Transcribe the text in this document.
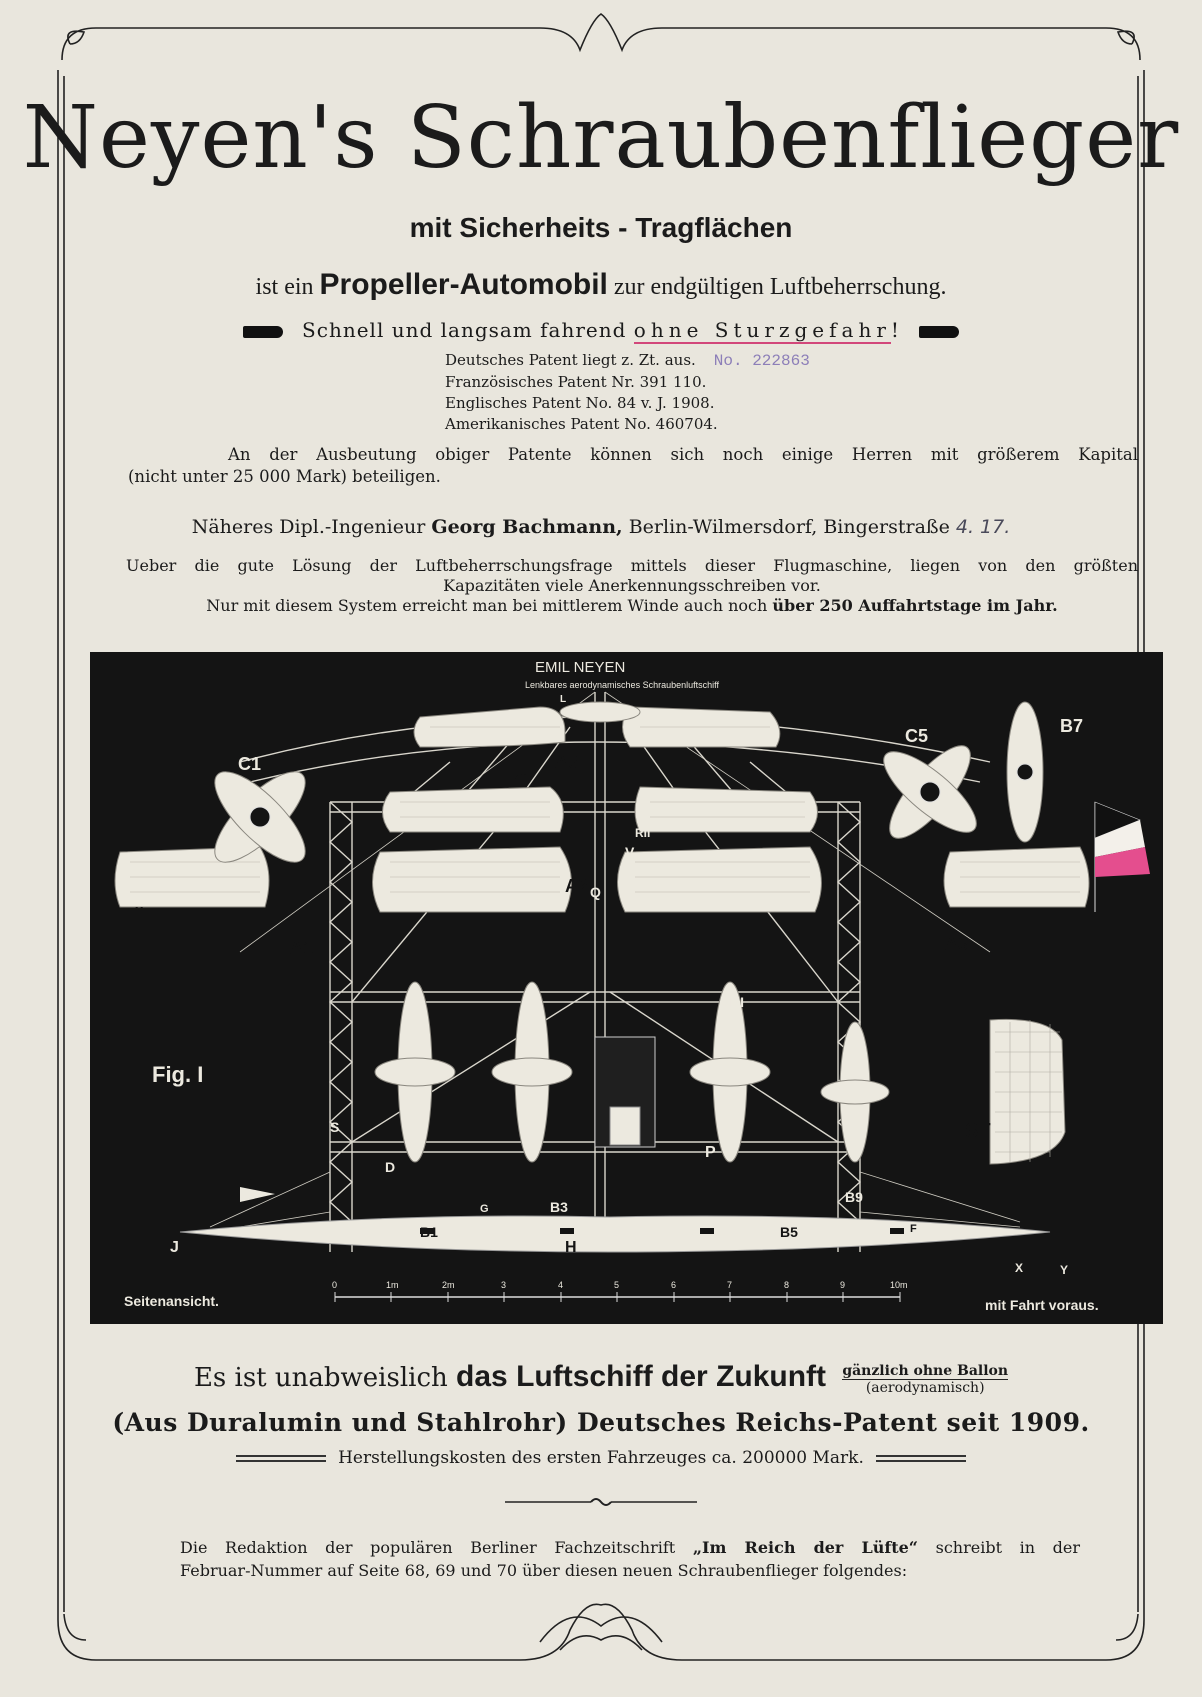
Neyen's Schraubenflieger
mit Sicherheits - Tragflächen
ist ein Propeller-Automobil zur endgültigen Luftbeherrschung.
Schnell und langsam fahrend ohne Sturzgefahr!
Deutsches Patent liegt z. Zt. aus. No. 222863
Französisches Patent Nr. 391 110.
Englisches Patent No. 84 v. J. 1908.
Amerikanisches Patent No. 460704.
An der Ausbeutung obiger Patente können sich noch einige Herren mit größerem Kapital
(nicht unter 25 000 Mark) beteiligen.
Näheres Dipl.-Ingenieur Georg Bachmann, Berlin-Wilmersdorf, Bingerstraße 4. 17.
Ueber die gute Lösung der Luftbeherrschungsfrage mittels dieser Flugmaschine, liegen von den größten
Kapazitäten viele Anerkennungsschreiben vor.
Nur mit diesem System erreicht man bei mittlerem Winde auch noch über 250 Auffahrtstage im Jahr.
EMIL NEYEN
Lenkbares aerodynamisches Schraubenluftschiff
0	1m	2m	3	4	5	6	7	8	9	10m
C1	A5
C5	B7
A2
A1	A3
Rm
RII
RI
V
Q
S
D
P
ST
B1
B3
B5
B9
G
F
H
J
X	Y
M
L
Fig. I
Seitenansicht.	mit Fahrt voraus.
Es ist unabweislich das Luftschiff der Zukunft gänzlich ohne Ballon
(aerodynamisch)
(Aus Duralumin und Stahlrohr) Deutsches Reichs-Patent seit 1909.
Herstellungskosten des ersten Fahrzeuges ca. 200000 Mark.
Die Redaktion der populären Berliner Fachzeitschrift „Im Reich der Lüfte“ schreibt in der
Februar-Nummer auf Seite 68, 69 und 70 über diesen neuen Schraubenflieger folgendes:
